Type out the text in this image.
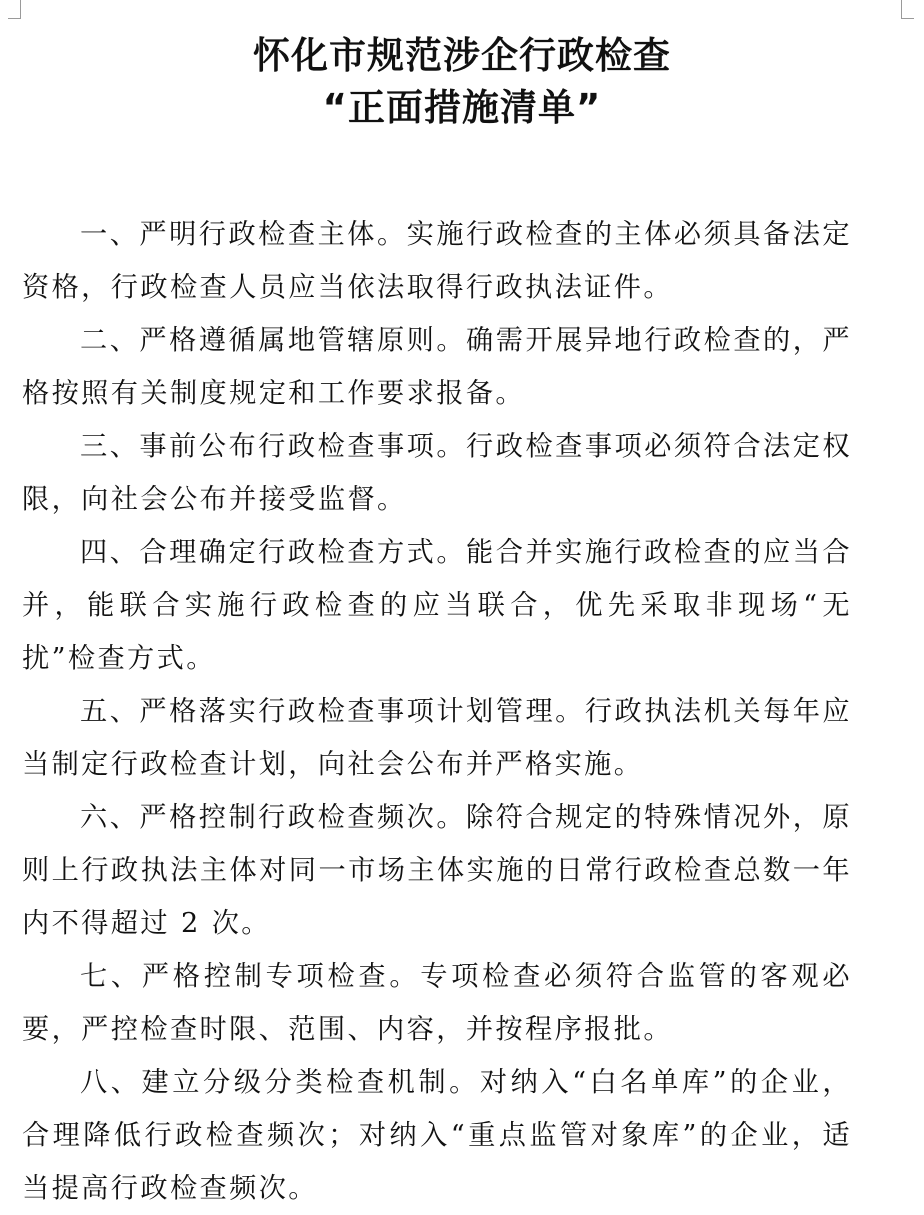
怀化市规范涉企行政检查
“正面措施清单”

一、严明行政检查主体。实施行政检查的主体必须具备法定资格，行政检查人员应当依法取得行政执法证件。

二、严格遵循属地管辖原则。确需开展异地行政检查的，严格按照有关制度规定和工作要求报备。

三、事前公布行政检查事项。行政检查事项必须符合法定权限，向社会公布并接受监督。

四、合理确定行政检查方式。能合并实施行政检查的应当合并，能联合实施行政检查的应当联合，优先采取非现场“无扰”检查方式。

五、严格落实行政检查事项计划管理。行政执法机关每年应当制定行政检查计划，向社会公布并严格实施。

六、严格控制行政检查频次。除符合规定的特殊情况外，原则上行政执法主体对同一市场主体实施的日常行政检查总数一年内不得超过 2 次。

七、严格控制专项检查。专项检查必须符合监管的客观必要，严控检查时限、范围、内容，并按程序报批。

八、建立分级分类检查机制。对纳入“白名单库”的企业，合理降低行政检查频次；对纳入“重点监管对象库”的企业，适当提高行政检查频次。
